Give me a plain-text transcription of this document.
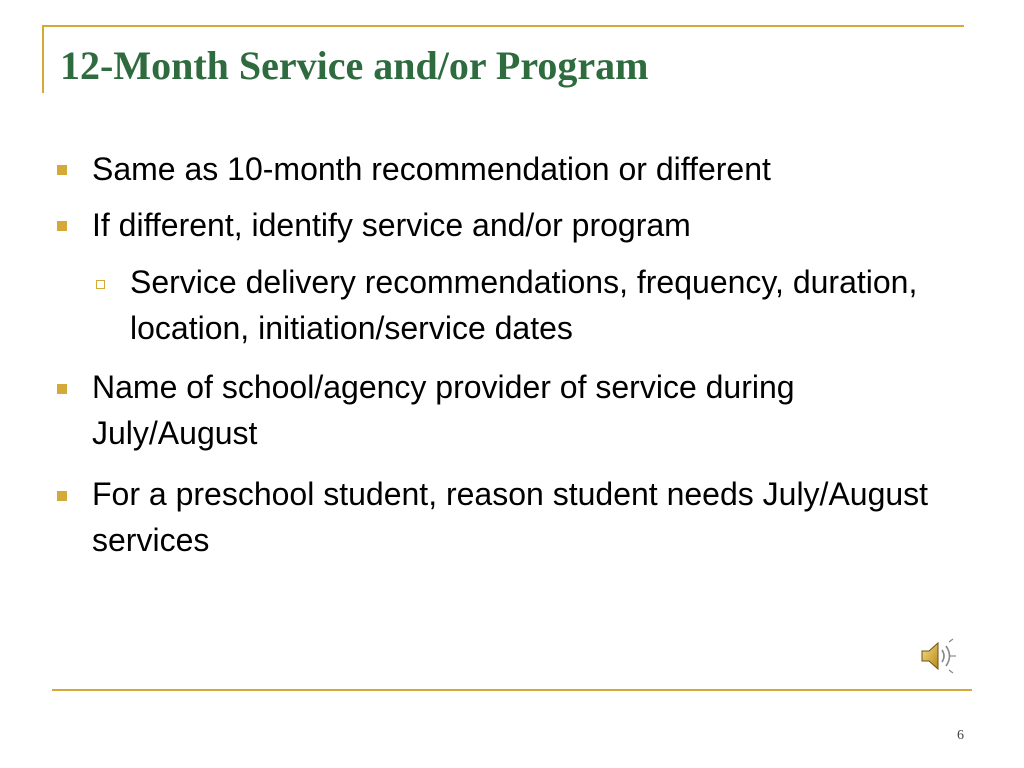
12-Month Service and/or Program
Same as 10-month recommendation or different
If different, identify service and/or program
Service delivery recommendations, frequency, duration, location, initiation/service dates
Name of school/agency provider of service during July/August
For a preschool student, reason student needs July/August services
6
